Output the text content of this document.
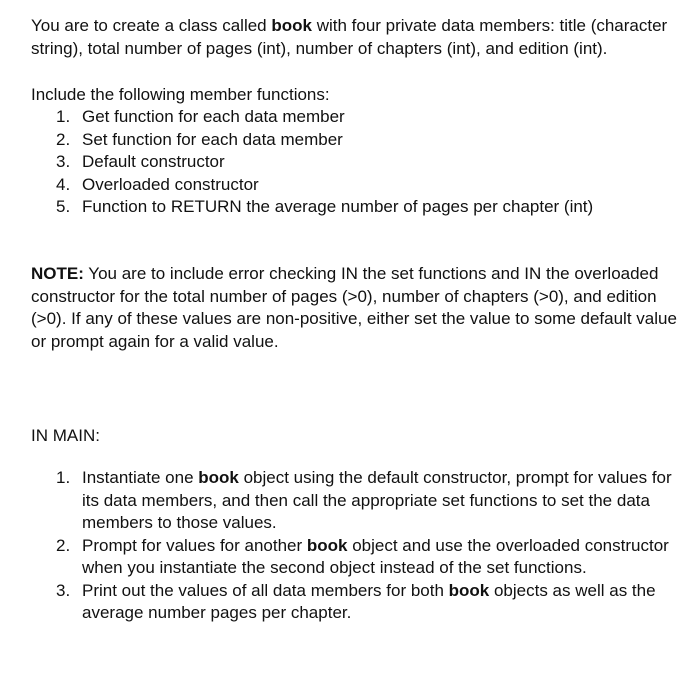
You are to create a class called book with four private data members: title (character string), total number of pages (int), number of chapters (int), and edition (int).

Include the following member functions:

1. Get function for each data member
2. Set function for each data member
3. Default constructor
4. Overloaded constructor
5. Function to RETURN the average number of pages per chapter (int)

NOTE: You are to include error checking IN the set functions and IN the overloaded constructor for the total number of pages (>0), number of chapters (>0), and edition (>0). If any of these values are non-positive, either set the value to some default value or prompt again for a valid value.

IN MAIN:

1. Instantiate one book object using the default constructor, prompt for values for its data members, and then call the appropriate set functions to set the data members to those values.
2. Prompt for values for another book object and use the overloaded constructor when you instantiate the second object instead of the set functions.
3. Print out the values of all data members for both book objects as well as the average number pages per chapter.
